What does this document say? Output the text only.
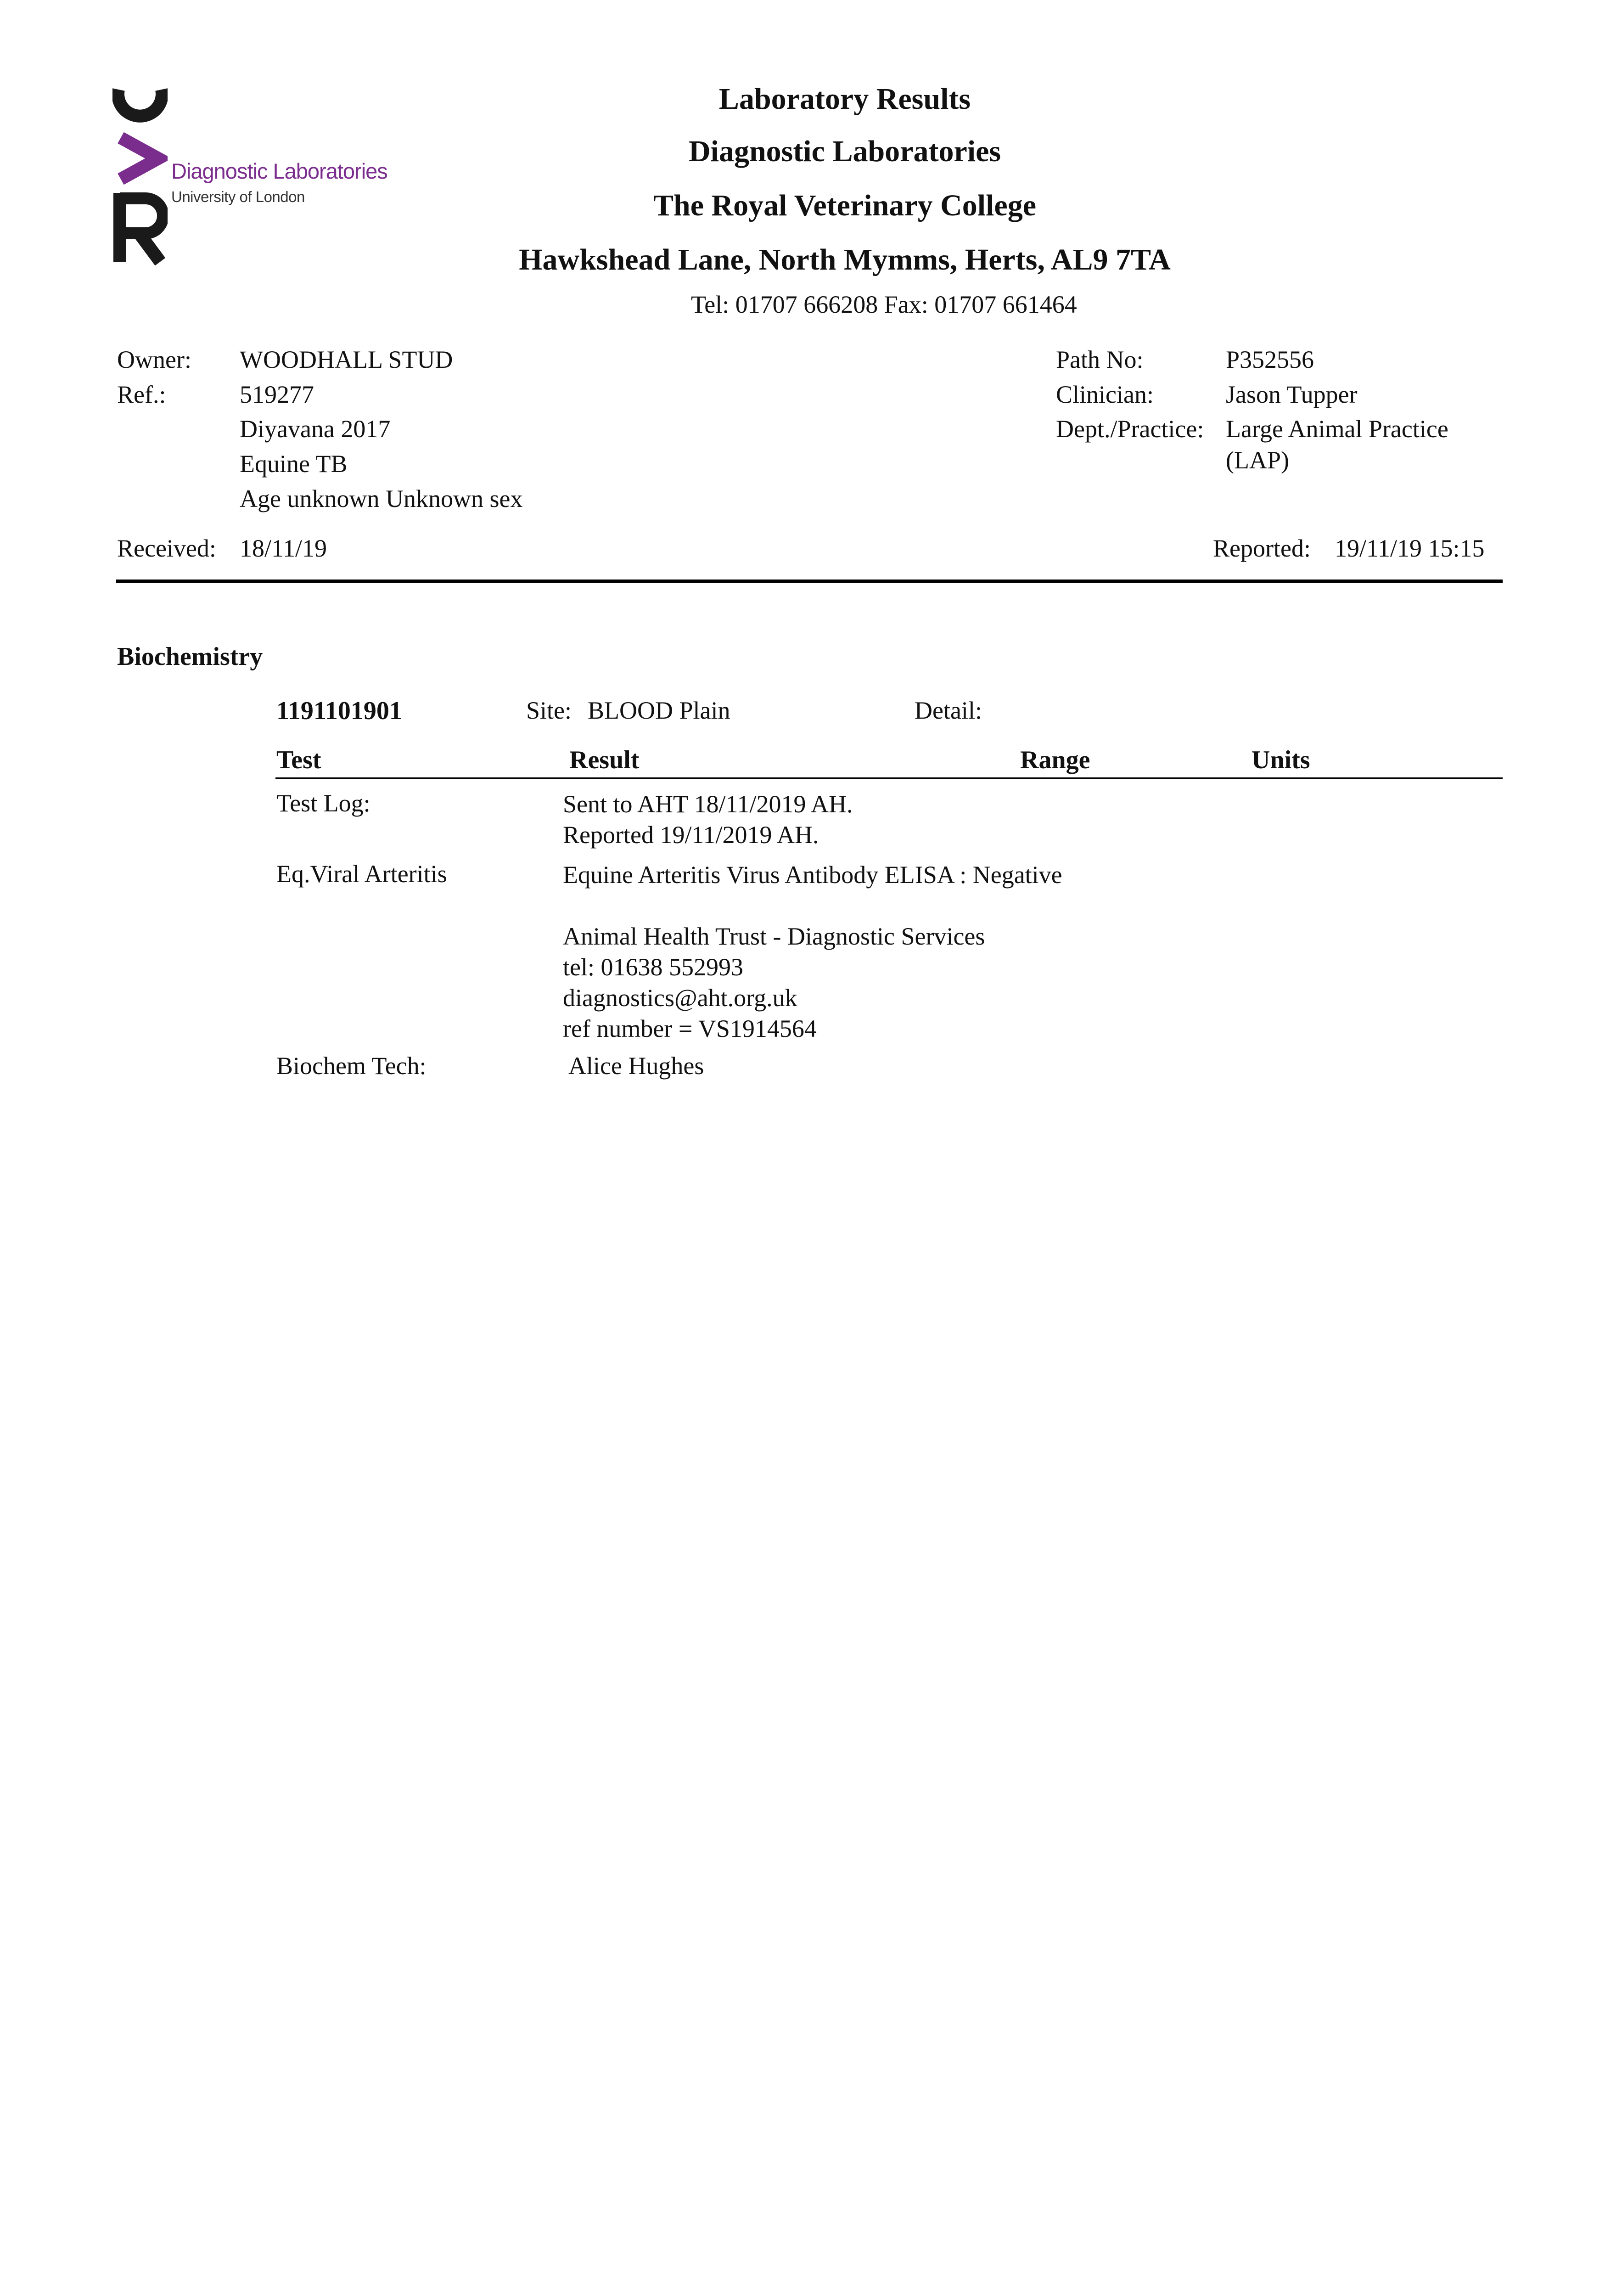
Diagnostic Laboratories
University of London
Laboratory Results
Diagnostic Laboratories
The Royal Veterinary College
Hawkshead Lane, North Mymms, Herts, AL9 7TA
Tel: 01707 666208 Fax: 01707 661464
Owner: WOODHALL STUD
Ref.:	519277
Diyavana 2017
Equine TB
Age unknown Unknown sex
Received: 18/11/19
Path No:	P352556
Clinician:	Jason Tupper
Dept./Practice: Large Animal Practice
(LAP)
Reported: 19/11/19 15:15
Biochemistry
1191101901	Site: BLOOD Plain	Detail:
Test	Result	Range	Units
Test Log:	Sent to AHT 18/11/2019 AH.
Reported 19/11/2019 AH.
Eq.Viral Arteritis	Equine Arteritis Virus Antibody ELISA : Negative

Animal Health Trust - Diagnostic Services
tel: 01638 552993
diagnostics@aht.org.uk
ref number = VS1914564
Biochem Tech:	Alice Hughes
